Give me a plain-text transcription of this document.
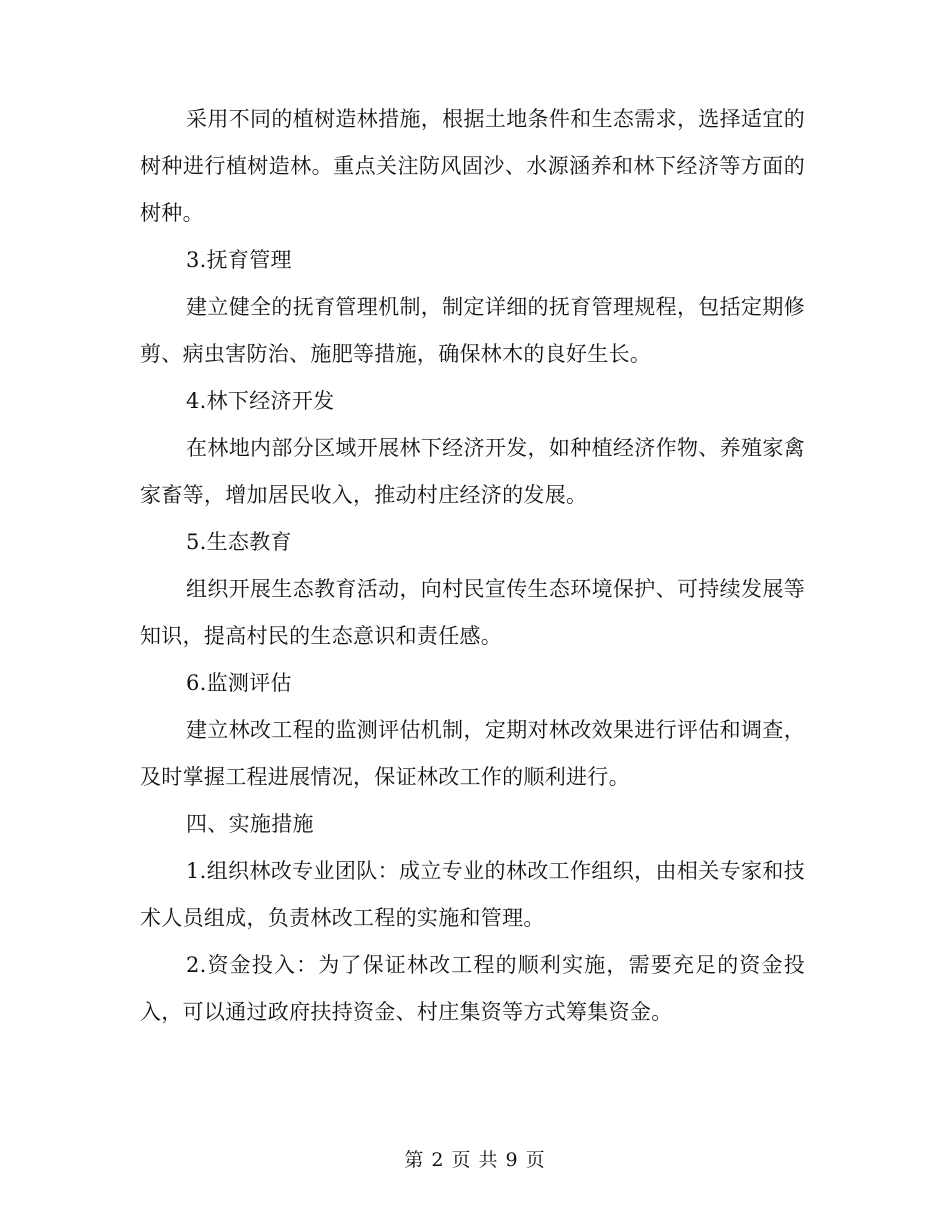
采用不同的植树造林措施，根据土地条件和生态需求，选择适宜的树种进行植树造林。重点关注防风固沙、水源涵养和林下经济等方面的树种。

3.抚育管理

建立健全的抚育管理机制，制定详细的抚育管理规程，包括定期修剪、病虫害防治、施肥等措施，确保林木的良好生长。

4.林下经济开发

在林地内部分区域开展林下经济开发，如种植经济作物、养殖家禽家畜等，增加居民收入，推动村庄经济的发展。

5.生态教育

组织开展生态教育活动，向村民宣传生态环境保护、可持续发展等知识，提高村民的生态意识和责任感。

6.监测评估

建立林改工程的监测评估机制，定期对林改效果进行评估和调查，及时掌握工程进展情况，保证林改工作的顺利进行。

四、实施措施

1.组织林改专业团队：成立专业的林改工作组织，由相关专家和技术人员组成，负责林改工程的实施和管理。

2.资金投入：为了保证林改工程的顺利实施，需要充足的资金投入，可以通过政府扶持资金、村庄集资等方式筹集资金。

第 2 页 共 9 页
